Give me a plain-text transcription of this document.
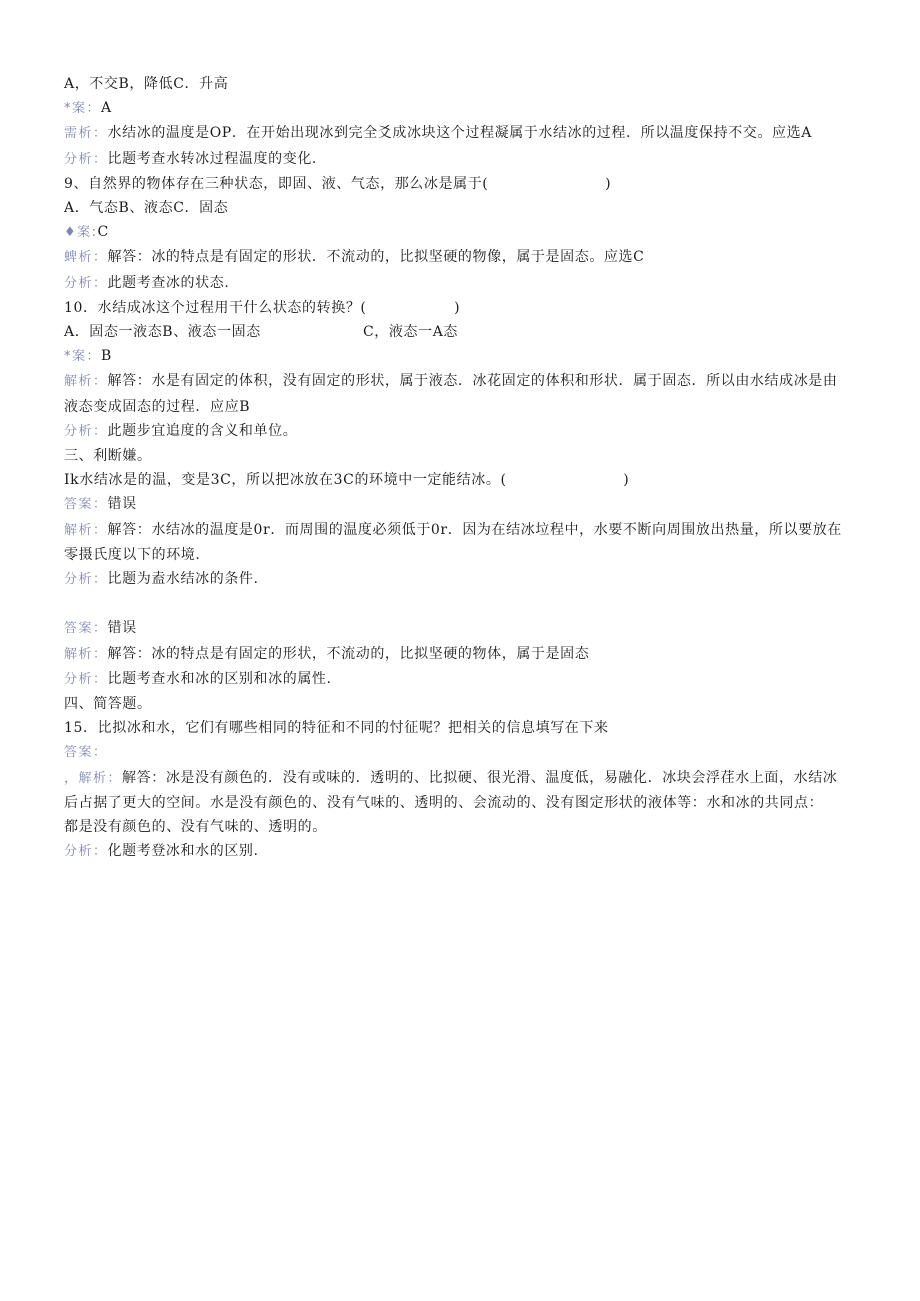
A，不交B，降低C．升高
*案：A
需析：水结冰的温度是OP．在开始出现冰到完全爻成冰块这个过程凝属于水结冰的过程．所以温度保持不交。应选A
分析：比题考查水转冰过程温度的变化.
9、自然界的物体存在三种状态，即固、液、气态，那么冰是属于(　　　　　　　　)
A．气态B、液态C．固态
♦案:C
蜱析：解答：冰的特点是有固定的形状．不流动的，比拟坚硬的物像，属于是固态。应选C
分析：此题考查冰的状态.
10．水结成冰这个过程用干什么状态的转换？(　　　　　　)
A．固态一液态B、液态一固态　　　　　　　C，液态一A态
*案：B
解析：解答：水是有固定的体积，没有固定的形状，属于液态．冰花固定的体积和形状．属于固态．所以由水结成冰是由
液态变成固态的过程．应应B
分析：此题步宜追度的含义和单位。
三、利断嫌。
Ik水结冰是的温，变是3C，所以把冰放在3C的环境中一定能结冰。(　　　　　　　　)
答案：错误
解析：解答：水结冰的温度是0r．而周围的温度必须低于0r．因为在结冰垃程中，水要不断向周围放出热量，所以要放在
零摄氏度以下的环境.
分析：比题为盍水结冰的条件.
答案：错误
解析：解答：冰的特点是有固定的形状，不流动的，比拟坚硬的物体，属于是固态
分析：比题考查水和冰的区别和冰的属性.
四、简答题。
15．比拟冰和水，它们有哪些相同的特征和不同的忖征呢？把相关的信息填写在下来
答案：
，解析：解答：冰是没有颜色的．没有或味的．透明的、比拟硬、很光滑、温度低，易融化．冰块会浮荏水上面，水结冰
后占据了更大的空间。水是没有颜色的、没有气味的、透明的、会流动的、没有图定形状的液体等：水和冰的共同点：
都是没有颜色的、没有气味的、透明的。
分析：化题考登冰和水的区别.
